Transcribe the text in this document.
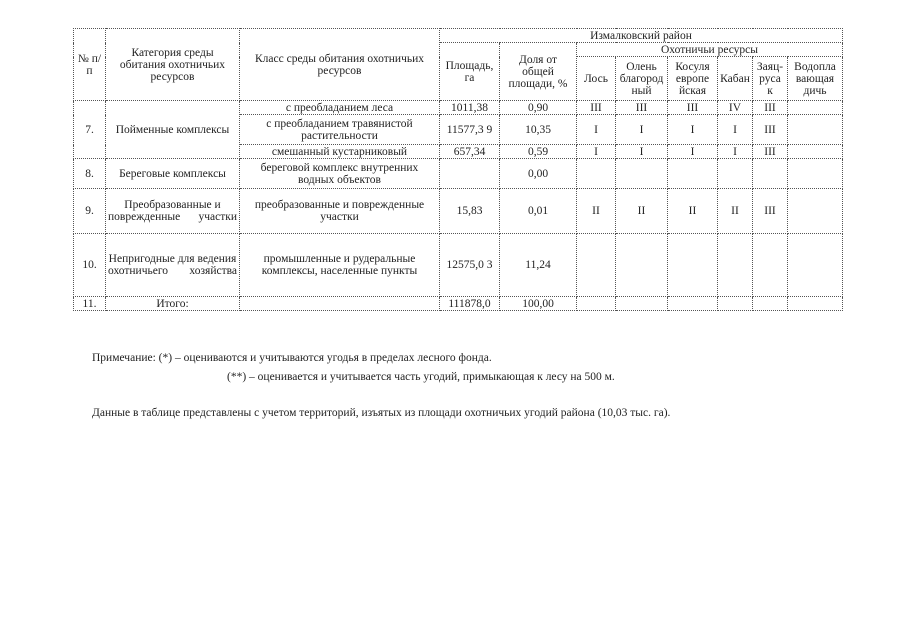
№ п/п	Категория среды обитания охотничьих ресурсов	Класс среды обитания охотничьих ресурсов	Измалковский район							
			Площадь, га	Доля от общей площади, %	Охотничьи ресурсы					
					Лось	Олень благород ный	Косуля европе йская	Кабан	Заяц-руса к	Водопла вающая дичь
7.	Пойменные комплексы	с преобладанием леса	1011,38	0,90	III	III	III	IV	III	
		с преобладанием травянистой растительности	11577,3 9	10,35	I	I	I	I	III	
		смешанный кустарниковый	657,34	0,59	I	I	I	I	III	
8.	Береговые комплексы	береговой комплекс внутренних водных объектов		0,00						
9.	Преобразованные и поврежденные участки	преобразованные и поврежденные участки	15,83	0,01	II	II	II	II	III	
10.	Непригодные для ведения охотничьего хозяйства	промышленные и рудеральные комплексы, населенные пункты	12575,0 3	11,24						
11.	Итого:		111878,0	100,00						
Примечание: (*) – оцениваются и учитываются угодья в пределах лесного фонда.
(**) – оценивается и учитывается часть угодий, примыкающая к лесу на 500 м.
Данные в таблице представлены с учетом территорий, изъятых из площади охотничьих угодий района (10,03 тыс. га).
